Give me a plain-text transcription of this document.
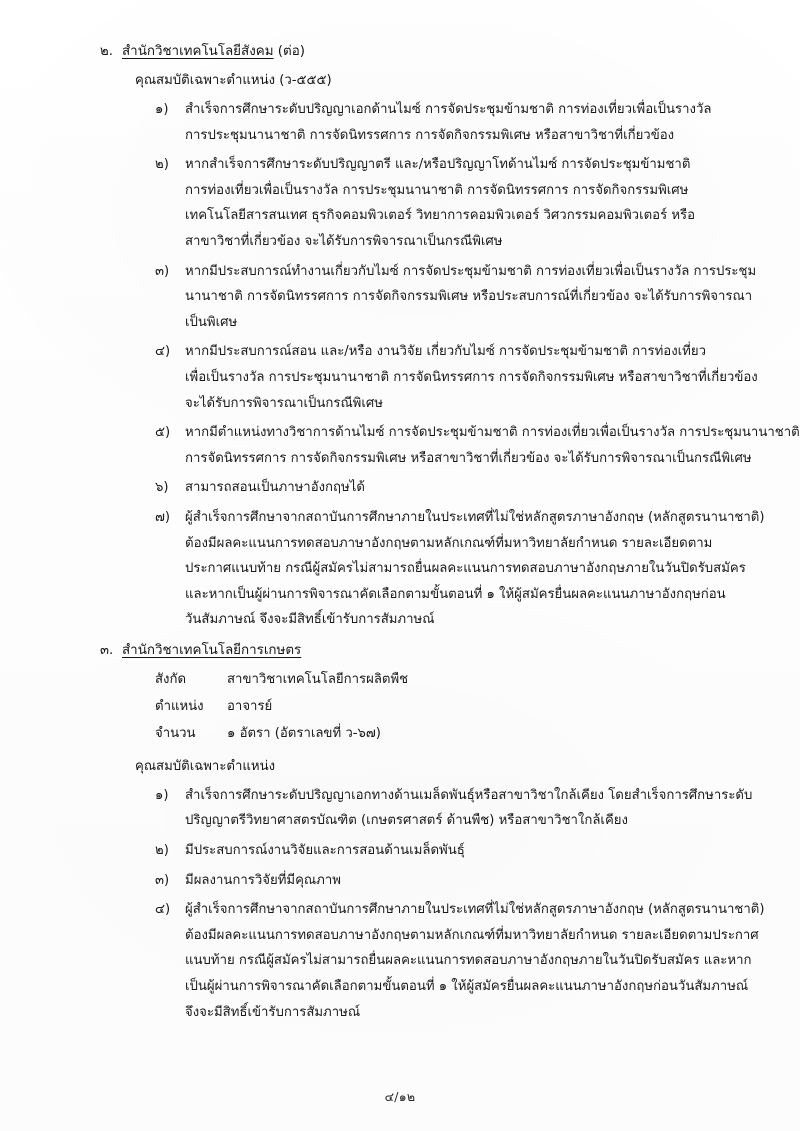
๒. สำนักวิชาเทคโนโลยีสังคม (ต่อ)
คุณสมบัติเฉพาะตำแหน่ง (ว-๕๕๕)
๑)	สำเร็จการศึกษาระดับปริญญาเอกด้านไมซ์ การจัดประชุมข้ามชาติ การท่องเที่ยวเพื่อเป็นรางวัล
การประชุมนานาชาติ การจัดนิทรรศการ การจัดกิจกรรมพิเศษ หรือสาขาวิชาที่เกี่ยวข้อง
๒)	หากสำเร็จการศึกษาระดับปริญญาตรี และ/หรือปริญญาโทด้านไมซ์ การจัดประชุมข้ามชาติ
การท่องเที่ยวเพื่อเป็นรางวัล การประชุมนานาชาติ การจัดนิทรรศการ การจัดกิจกรรมพิเศษ
เทคโนโลยีสารสนเทศ ธุรกิจคอมพิวเตอร์ วิทยาการคอมพิวเตอร์ วิศวกรรมคอมพิวเตอร์ หรือ
สาขาวิชาที่เกี่ยวข้อง จะได้รับการพิจารณาเป็นกรณีพิเศษ
๓)	หากมีประสบการณ์ทำงานเกี่ยวกับไมซ์ การจัดประชุมข้ามชาติ การท่องเที่ยวเพื่อเป็นรางวัล การประชุม
นานาชาติ การจัดนิทรรศการ การจัดกิจกรรมพิเศษ หรือประสบการณ์ที่เกี่ยวข้อง จะได้รับการพิจารณา
เป็นพิเศษ
๔)	หากมีประสบการณ์สอน และ/หรือ งานวิจัย เกี่ยวกับไมซ์ การจัดประชุมข้ามชาติ การท่องเที่ยว
เพื่อเป็นรางวัล การประชุมนานาชาติ การจัดนิทรรศการ การจัดกิจกรรมพิเศษ หรือสาขาวิชาที่เกี่ยวข้อง
จะได้รับการพิจารณาเป็นกรณีพิเศษ
๕)	หากมีตำแหน่งทางวิชาการด้านไมซ์ การจัดประชุมข้ามชาติ การท่องเที่ยวเพื่อเป็นรางวัล การประชุมนานาชาติ
การจัดนิทรรศการ การจัดกิจกรรมพิเศษ หรือสาขาวิชาที่เกี่ยวข้อง จะได้รับการพิจารณาเป็นกรณีพิเศษ
๖)	สามารถสอนเป็นภาษาอังกฤษได้
๗)	ผู้สำเร็จการศึกษาจากสถาบันการศึกษาภายในประเทศที่ไม่ใช่หลักสูตรภาษาอังกฤษ (หลักสูตรนานาชาติ)
ต้องมีผลคะแนนการทดสอบภาษาอังกฤษตามหลักเกณฑ์ที่มหาวิทยาลัยกำหนด รายละเอียดตาม
ประกาศแนบท้าย กรณีผู้สมัครไม่สามารถยื่นผลคะแนนการทดสอบภาษาอังกฤษภายในวันปิดรับสมัคร
และหากเป็นผู้ผ่านการพิจารณาคัดเลือกตามขั้นตอนที่ ๑ ให้ผู้สมัครยื่นผลคะแนนภาษาอังกฤษก่อน
วันสัมภาษณ์ จึงจะมีสิทธิ์เข้ารับการสัมภาษณ์
๓. สำนักวิชาเทคโนโลยีการเกษตร
สังกัด	สาขาวิชาเทคโนโลยีการผลิตพืช
ตำแหน่ง	อาจารย์
จำนวน	๑ อัตรา (อัตราเลขที่ ว-๖๗)
คุณสมบัติเฉพาะตำแหน่ง
๑)	สำเร็จการศึกษาระดับปริญญาเอกทางด้านเมล็ดพันธุ์หรือสาขาวิชาใกล้เคียง โดยสำเร็จการศึกษาระดับ
ปริญญาตรีวิทยาศาสตรบัณฑิต (เกษตรศาสตร์ ด้านพืช) หรือสาขาวิชาใกล้เคียง
๒)	มีประสบการณ์งานวิจัยและการสอนด้านเมล็ดพันธุ์
๓)	มีผลงานการวิจัยที่มีคุณภาพ
๔)	ผู้สำเร็จการศึกษาจากสถาบันการศึกษาภายในประเทศที่ไม่ใช่หลักสูตรภาษาอังกฤษ (หลักสูตรนานาชาติ)
ต้องมีผลคะแนนการทดสอบภาษาอังกฤษตามหลักเกณฑ์ที่มหาวิทยาลัยกำหนด รายละเอียดตามประกาศ
แนบท้าย กรณีผู้สมัครไม่สามารถยื่นผลคะแนนการทดสอบภาษาอังกฤษภายในวันปิดรับสมัคร และหาก
เป็นผู้ผ่านการพิจารณาคัดเลือกตามขั้นตอนที่ ๑ ให้ผู้สมัครยื่นผลคะแนนภาษาอังกฤษก่อนวันสัมภาษณ์
จึงจะมีสิทธิ์เข้ารับการสัมภาษณ์
๔/๑๒
